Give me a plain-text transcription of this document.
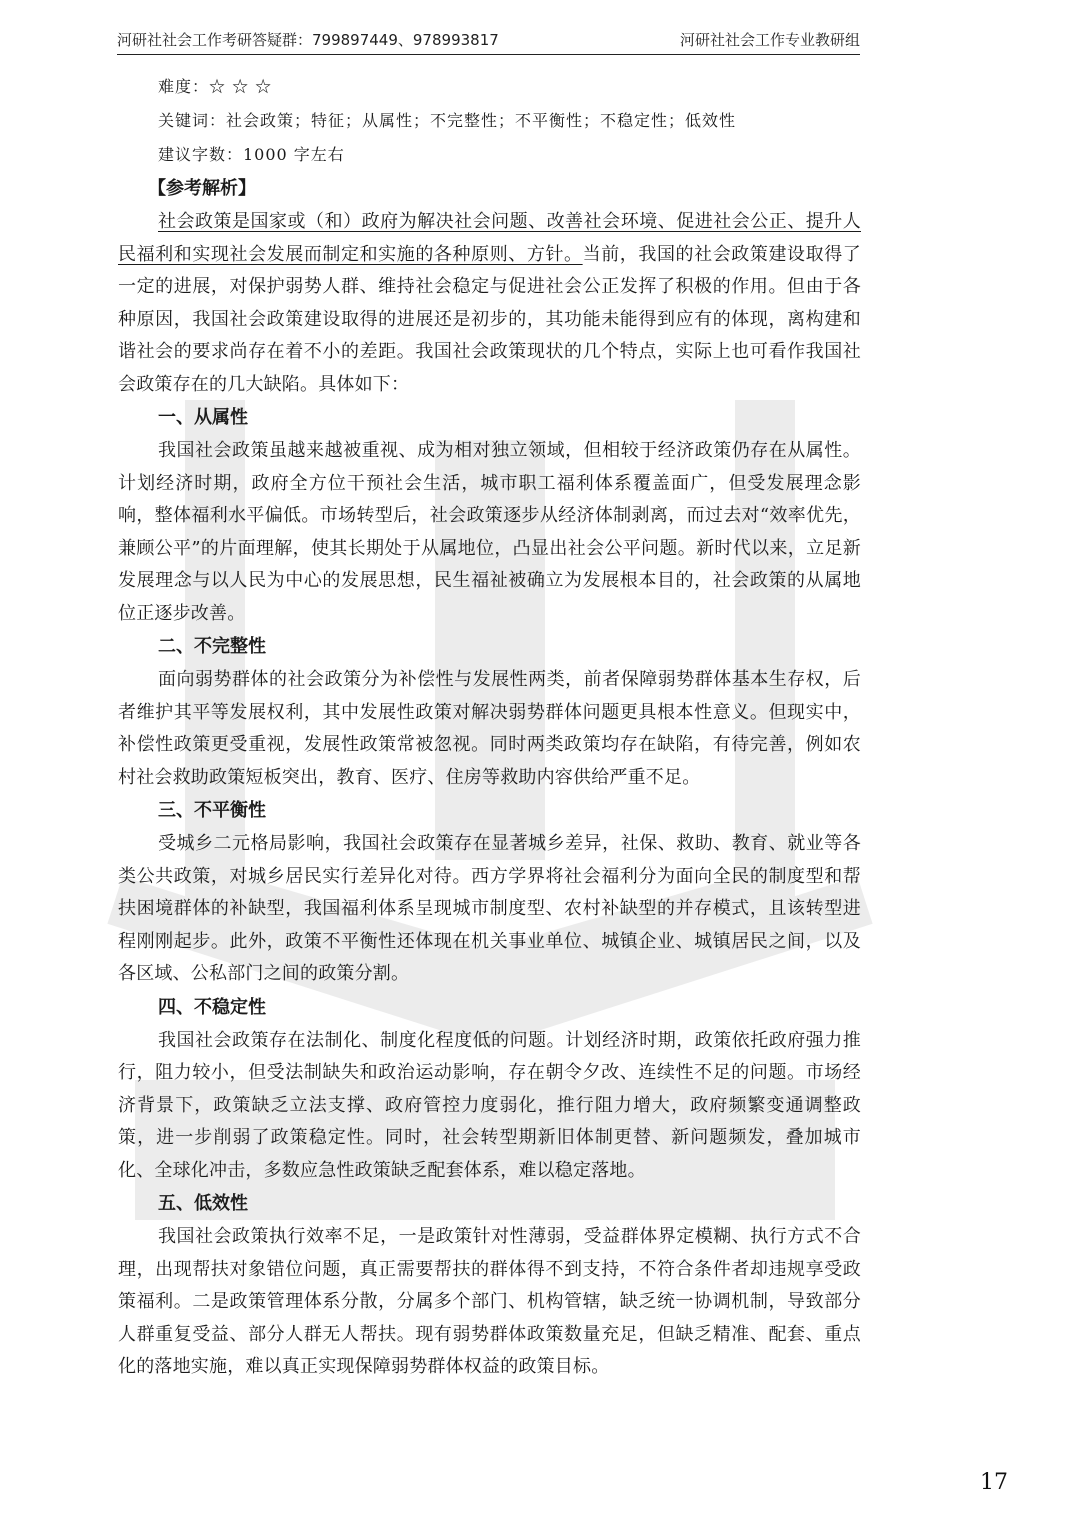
河研社社会工作考研答疑群：799897449、978993817	河研社社会工作专业教研组
难度：☆ ☆ ☆
关键词：社会政策；特征；从属性；不完整性；不平衡性；不稳定性；低效性
建议字数：1000 字左右
【参考解析】

社会政策是国家或（和）政府为解决社会问题、改善社会环境、促进社会公正、提升人民福利和实现社会发展而制定和实施的各种原则、方针。当前，我国的社会政策建设取得了一定的进展，对保护弱势人群、维持社会稳定与促进社会公正发挥了积极的作用。但由于各种原因，我国社会政策建设取得的进展还是初步的，其功能未能得到应有的体现，离构建和谐社会的要求尚存在着不小的差距。我国社会政策现状的几个特点，实际上也可看作我国社会政策存在的几大缺陷。具体如下：

一、从属性

我国社会政策虽越来越被重视、成为相对独立领域，但相较于经济政策仍存在从属性。计划经济时期，政府全方位干预社会生活，城市职工福利体系覆盖面广，但受发展理念影响，整体福利水平偏低。市场转型后，社会政策逐步从经济体制剥离，而过去对“效率优先，兼顾公平”的片面理解，使其长期处于从属地位，凸显出社会公平问题。新时代以来，立足新发展理念与以人民为中心的发展思想，民生福祉被确立为发展根本目的，社会政策的从属地位正逐步改善。

二、不完整性

面向弱势群体的社会政策分为补偿性与发展性两类，前者保障弱势群体基本生存权，后者维护其平等发展权利，其中发展性政策对解决弱势群体问题更具根本性意义。但现实中，补偿性政策更受重视，发展性政策常被忽视。同时两类政策均存在缺陷，有待完善，例如农村社会救助政策短板突出，教育、医疗、住房等救助内容供给严重不足。

三、不平衡性

受城乡二元格局影响，我国社会政策存在显著城乡差异，社保、救助、教育、就业等各类公共政策，对城乡居民实行差异化对待。西方学界将社会福利分为面向全民的制度型和帮扶困境群体的补缺型，我国福利体系呈现城市制度型、农村补缺型的并存模式，且该转型进程刚刚起步。此外，政策不平衡性还体现在机关事业单位、城镇企业、城镇居民之间，以及各区域、公私部门之间的政策分割。

四、不稳定性

我国社会政策存在法制化、制度化程度低的问题。计划经济时期，政策依托政府强力推行，阻力较小，但受法制缺失和政治运动影响，存在朝令夕改、连续性不足的问题。市场经济背景下，政策缺乏立法支撑、政府管控力度弱化，推行阻力增大，政府频繁变通调整政策，进一步削弱了政策稳定性。同时，社会转型期新旧体制更替、新问题频发，叠加城市化、全球化冲击，多数应急性政策缺乏配套体系，难以稳定落地。

五、低效性

我国社会政策执行效率不足，一是政策针对性薄弱，受益群体界定模糊、执行方式不合理，出现帮扶对象错位问题，真正需要帮扶的群体得不到支持，不符合条件者却违规享受政策福利。二是政策管理体系分散，分属多个部门、机构管辖，缺乏统一协调机制，导致部分人群重复受益、部分人群无人帮扶。现有弱势群体政策数量充足，但缺乏精准、配套、重点化的落地实施，难以真正实现保障弱势群体权益的政策目标。

17
